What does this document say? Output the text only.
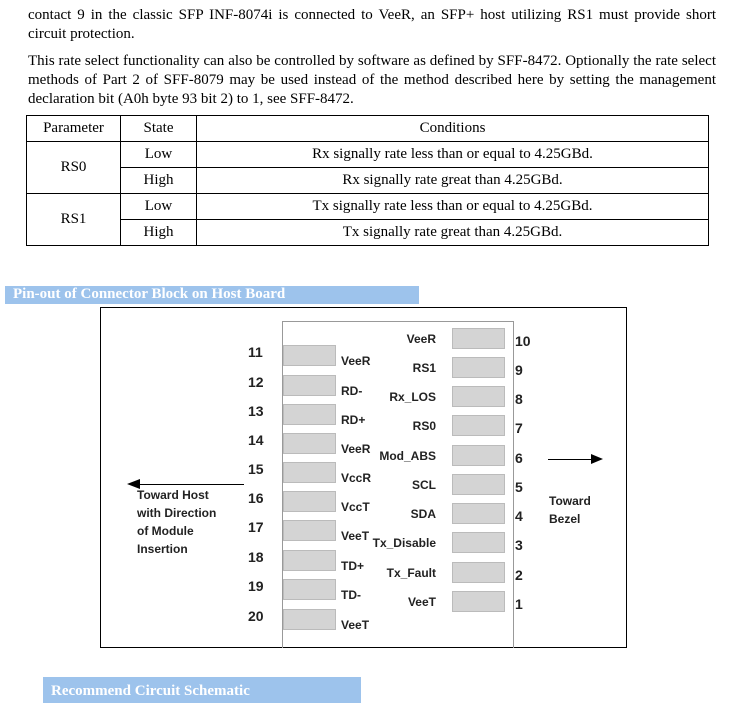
contact 9 in the classic SFP INF-8074i is connected to VeeR, an SFP+ host utilizing RS1 must provide short circuit protection.

This rate select functionality can also be controlled by software as defined by SFF-8472. Optionally the rate select methods of Part 2 of SFF-8079 may be used instead of the method described here by setting the management declaration bit (A0h byte 93 bit 2) to 1, see SFF-8472.

Parameter	State	Conditions
RS0	Low	Rx signally rate less than or equal to 4.25GBd.
	High	Rx signally rate great than 4.25GBd.
RS1	Low	Tx signally rate less than or equal to 4.25GBd.
	High	Tx signally rate great than 4.25GBd.
Pin-out of Connector Block on Host Board
Toward Host
with Direction
of Module
Insertion
Toward
Bezel
11
VeeR
12
RD-
13
RD+
14
VeeR
15
VccR
16
VccT
17
VeeT
18
TD+
19
TD-
20
VeeT
VeeR	10
RS1	9
Rx_LOS	8
RS0	7
Mod_ABS	6
SCL	5
SDA	4
Tx_Disable	3
Tx_Fault	2
VeeT	1
Recommend Circuit Schematic
